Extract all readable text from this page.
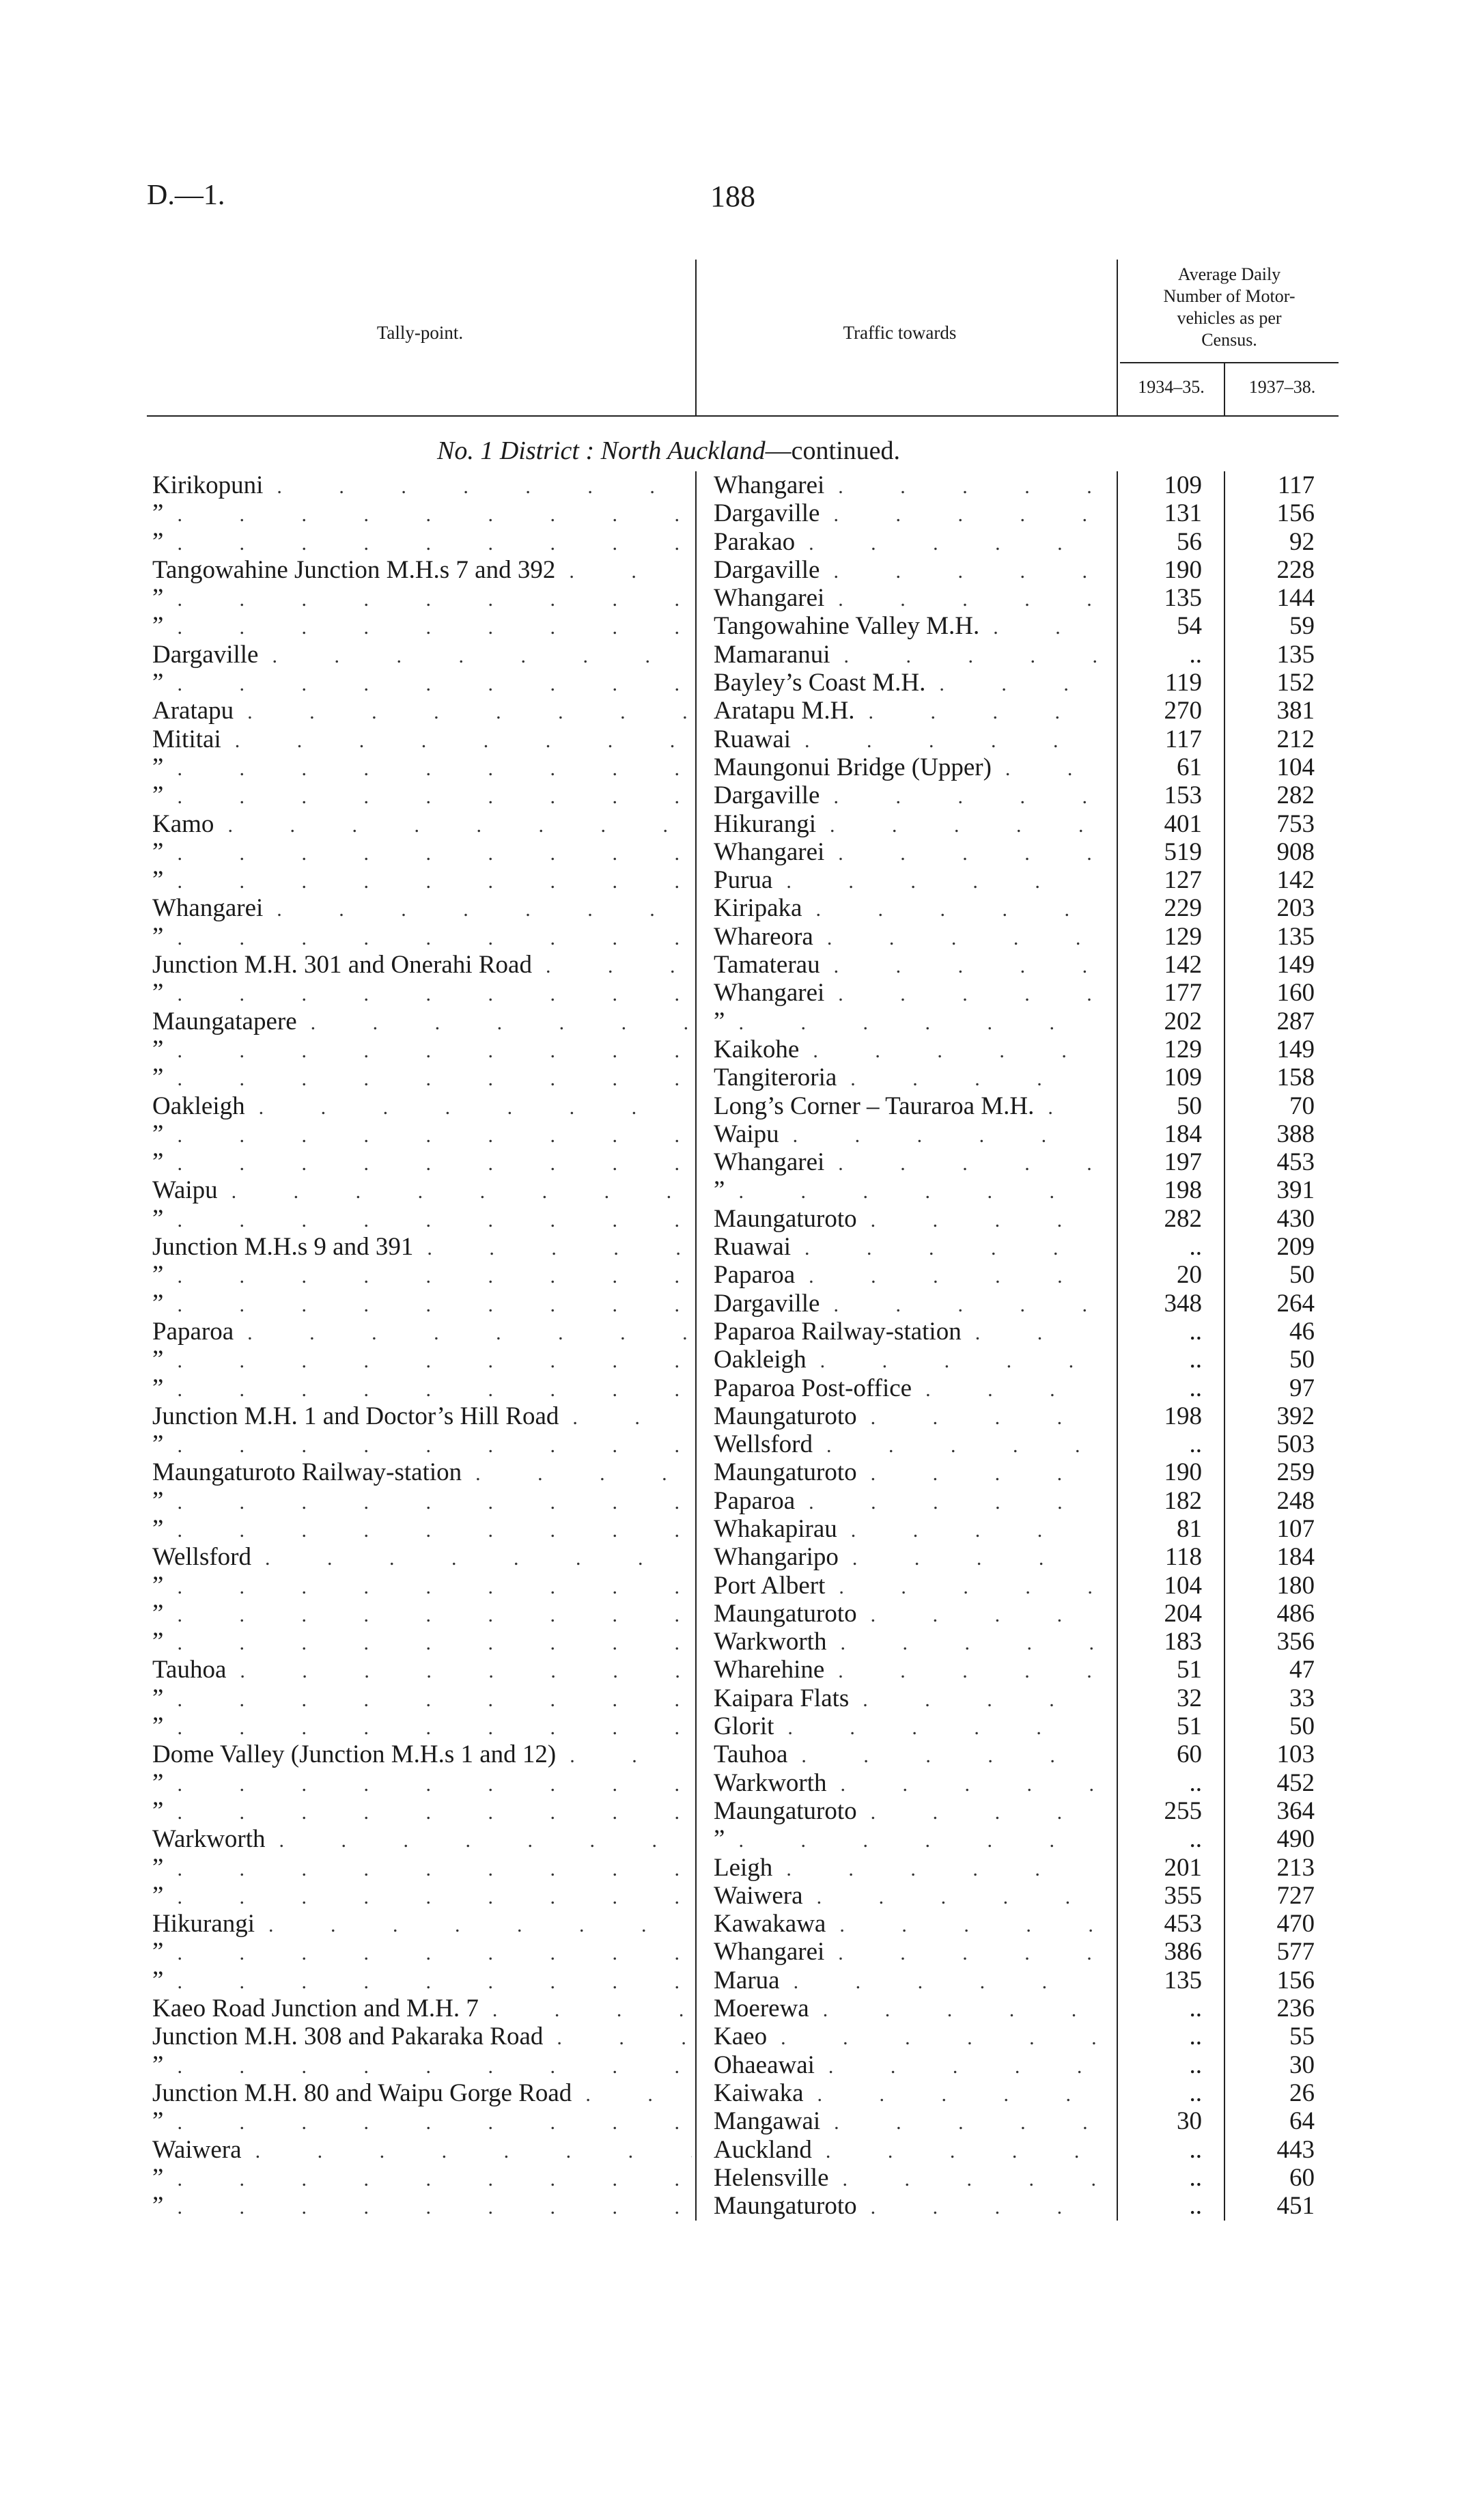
D.—1.	188
Tally-point.	Traffic towards
Average Daily
Number of Motor-
vehicles as per
Census.
1934–35.	1937–38.
No. 1 District : North Auckland—continued.
Kirikopuni . . .	Whangarei . . .	109	117
” . . .	Dargaville . . .	131	156
” . . .	Parakao . . .	56	92
Tangowahine Junction M.H.s 7 and 392 . . .	Dargaville . . .	190	228
” . . .	Whangarei . . .	135	144
” . . .	Tangowahine Valley M.H. . . .	54	59
Dargaville . . .	Mamaranui . . .	..	135
” . . .	Bayley’s Coast M.H. . . .	119	152
Aratapu . . .	Aratapu M.H. . . .	270	381
Mititai . . .	Ruawai . . .	117	212
” . . .	Maungonui Bridge (Upper) . . .	61	104
” . . .	Dargaville . . .	153	282
Kamo . . .	Hikurangi . . .	401	753
” . . .	Whangarei . . .	519	908
” . . .	Purua . . .	127	142
Whangarei . . .	Kiripaka . . .	229	203
” . . .	Whareora . . .	129	135
Junction M.H. 301 and Onerahi Road . . .	Tamaterau . . .	142	149
” . . .	Whangarei . . .	177	160
Maungatapere . . .	” . . .	202	287
” . . .	Kaikohe . . .	129	149
” . . .	Tangiteroria . . .	109	158
Oakleigh . . .	Long’s Corner – Tauraroa M.H. . . .	50	70
” . . .	Waipu . . .	184	388
” . . .	Whangarei . . .	197	453
Waipu . . .	” . . .	198	391
” . . .	Maungaturoto . . .	282	430
Junction M.H.s 9 and 391 . . .	Ruawai . . .	..	209
” . . .	Paparoa . . .	20	50
” . . .	Dargaville . . .	348	264
Paparoa . . .	Paparoa Railway-station . . .	..	46
” . . .	Oakleigh . . .	..	50
” . . .	Paparoa Post-office . . .	..	97
Junction M.H. 1 and Doctor’s Hill Road . . .	Maungaturoto . . .	198	392
” . . .	Wellsford . . .	..	503
Maungaturoto Railway-station . . .	Maungaturoto . . .	190	259
” . . .	Paparoa . . .	182	248
” . . .	Whakapirau . . .	81	107
Wellsford . . .	Whangaripo . . .	118	184
” . . .	Port Albert . . .	104	180
” . . .	Maungaturoto . . .	204	486
” . . .	Warkworth . . .	183	356
Tauhoa . . .	Wharehine . . .	51	47
” . . .	Kaipara Flats . . .	32	33
” . . .	Glorit . . .	51	50
Dome Valley (Junction M.H.s 1 and 12) . . .	Tauhoa . . .	60	103
” . . .	Warkworth . . .	..	452
” . . .	Maungaturoto . . .	255	364
Warkworth . . .	” . . .	..	490
” . . .	Leigh . . .	201	213
” . . .	Waiwera . . .	355	727
Hikurangi . . .	Kawakawa . . .	453	470
” . . .	Whangarei . . .	386	577
” . . .	Marua . . .	135	156
Kaeo Road Junction and M.H. 7 . . .	Moerewa . . .	..	236
Junction M.H. 308 and Pakaraka Road . . .	Kaeo . . .	..	55
” . . .	Ohaeawai . . .	..	30
Junction M.H. 80 and Waipu Gorge Road . . .	Kaiwaka . . .	..	26
” . . .	Mangawai . . .	30	64
Waiwera . . .	Auckland . . .	..	443
” . . .	Helensville . . .	..	60
” . . .	Maungaturoto . . .	..	451
